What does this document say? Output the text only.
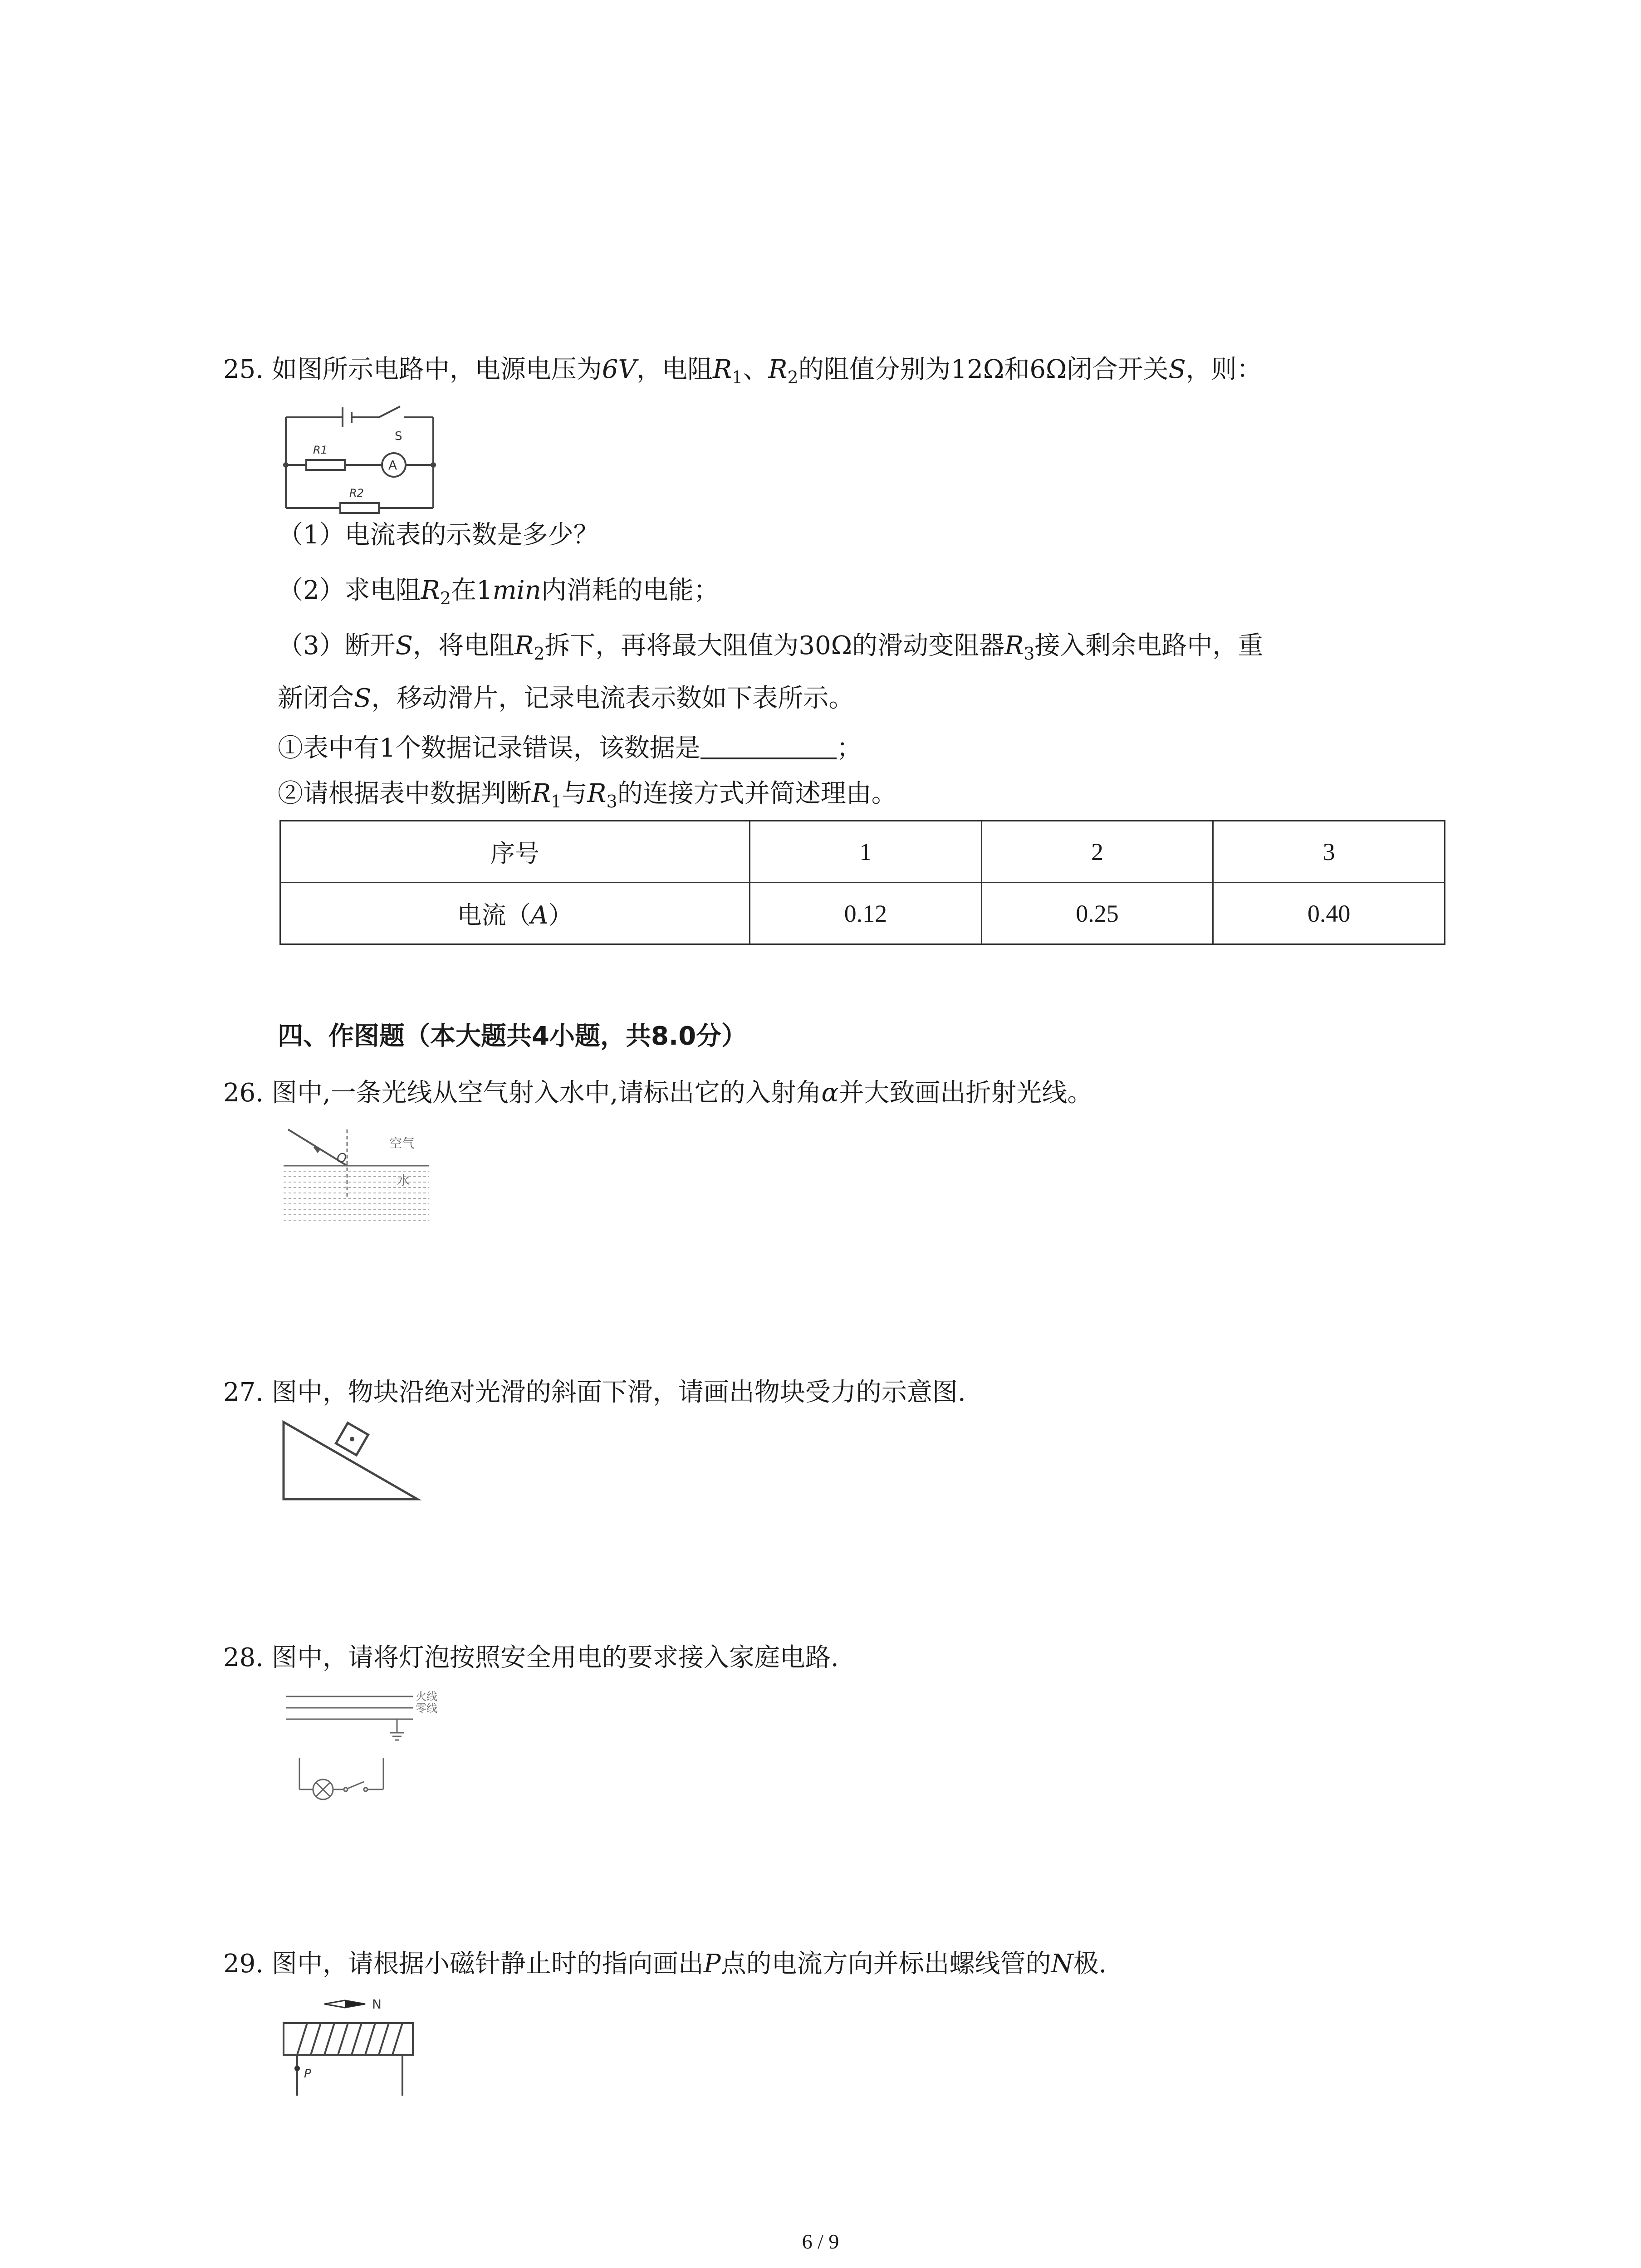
25. 如图所示电路中，电源电压为6V，电阻$R_1$、$R_2$的阻值分别为12Ω和6Ω闭合开关S，则：
S
R1
A
R2
（1）电流表的示数是多少？
（2）求电阻$R_2$在1min内消耗的电能；
（3）断开S，将电阻$R_2$拆下，再将最大阻值为30Ω的滑动变阻器$R_3$接入剩余电路中，重
新闭合S，移动滑片，记录电流表示数如下表所示。
①表中有1个数据记录错误，该数据是	；
②请根据表中数据判断$R_1$与$R_3$的连接方式并简述理由。
序号	1	2	3
电流（A）	0.12	0.25	0.40
四、作图题（本大题共4小题，共8.0分）
26. 图中,一条光线从空气射入水中,请标出它的入射角α并大致画出折射光线。
O
空气
水
27. 图中，物块沿绝对光滑的斜面下滑，请画出物块受力的示意图.
28. 图中，请将灯泡按照安全用电的要求接入家庭电路.
火线
零线
29. 图中，请根据小磁针静止时的指向画出P点的电流方向并标出螺线管的N极.
N
P
6 / 9
